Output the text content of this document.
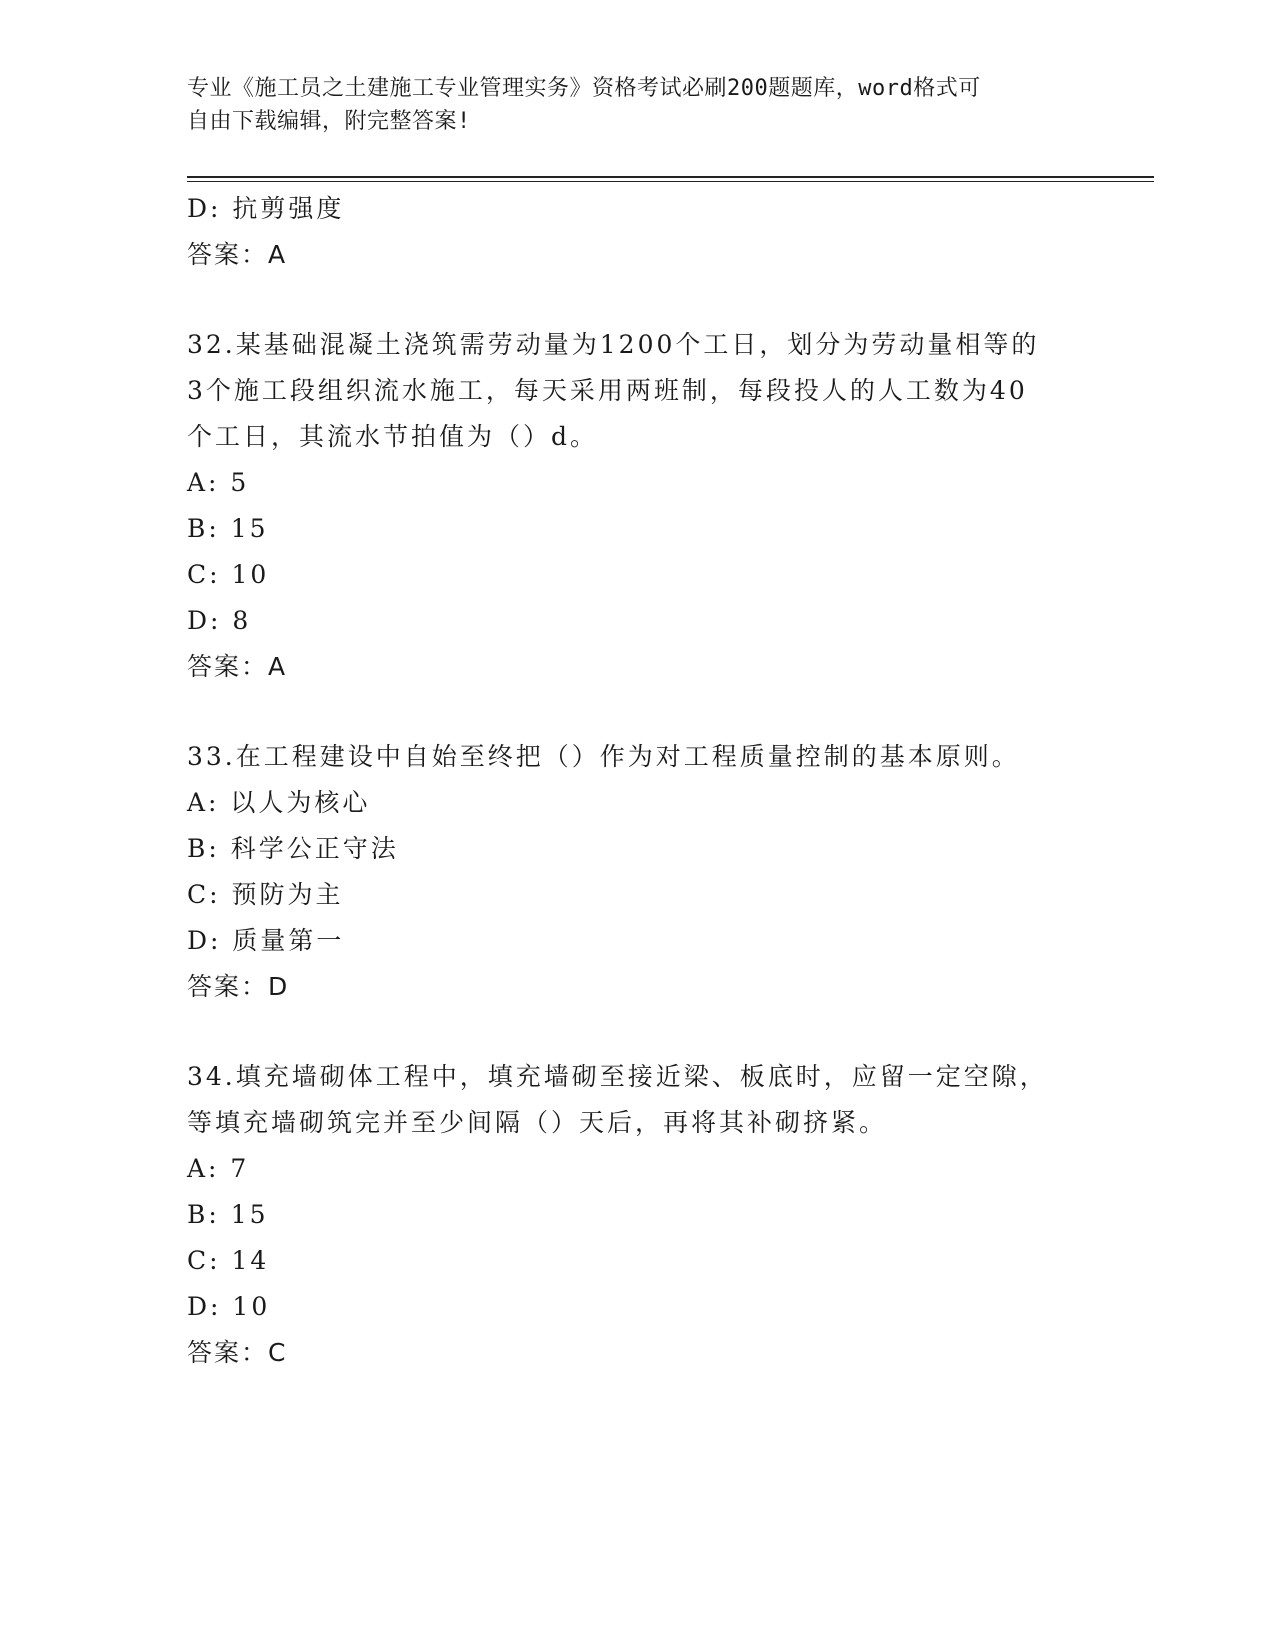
专业《施工员之土建施工专业管理实务》资格考试必刷200题题库，word格式可
自由下载编辑，附完整答案!
D: 抗剪强度
答案：A
32.某基础混凝土浇筑需劳动量为1200个工日，划分为劳动量相等的
3个施工段组织流水施工，每天采用两班制，每段投人的人工数为40
个工日，其流水节拍值为（）d。
A: 5
B: 15
C: 10
D: 8
答案：A
33.在工程建设中自始至终把（）作为对工程质量控制的基本原则。
A: 以人为核心
B: 科学公正守法
C: 预防为主
D: 质量第一
答案：D
34.填充墙砌体工程中，填充墙砌至接近梁、板底时，应留一定空隙，
等填充墙砌筑完并至少间隔（）天后，再将其补砌挤紧。
A: 7
B: 15
C: 14
D: 10
答案：C
